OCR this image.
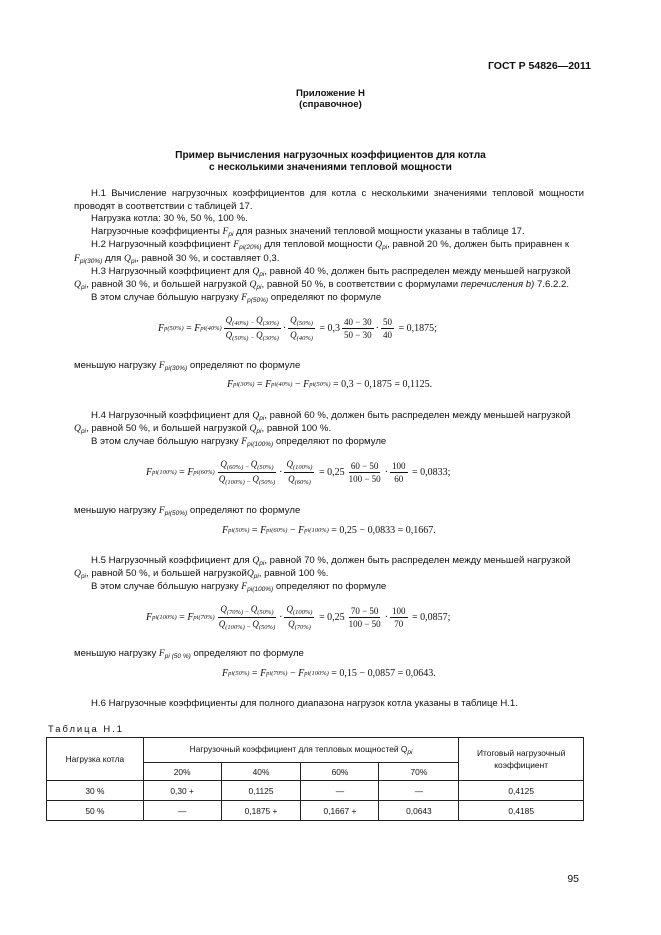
ГОСТ Р 54826—2011
Приложение Н
(справочное)
Пример вычисления нагрузочных коэффициентов для котла
с несколькими значениями тепловой мощности
Н.1 Вычисление нагрузочных коэффициентов для котла с несколькими значениями тепловой мощности проводят в соответствии с таблицей 17.
Нагрузка котла: 30 %, 50 %, 100 %.
Нагрузочные коэффициенты $F_{pi}$ для разных значений тепловой мощности указаны в таблице 17.
Н.2 Нагрузочный коэффициент $F_{pi(20\%)}$ для тепловой мощности $Q_{pi}$, равной 20 %, должен быть приравнен к
$F_{pi(30\%)}$ для $Q_{pi}$, равной 30 %, и составляет 0,3.
Н.3 Нагрузочный коэффициент для $Q_{pi}$, равной 40 %, должен быть распределен между меньшей нагрузкой
$Q_{pi}$, равной 30 %, и большей нагрузкой $Q_{pi}$, равной 50 %, в соответствии с формулами перечисления b) 7.6.2.2.
В этом случае бóльшую нагрузку $F_{p(50\%)}$ определяют по формуле
F p(50%) = F $pi(40\%) \frac{Q_{(40\%) -} Q_{(30\%)}}{Q_{(50\%) -} Q_{(30\%)}} \cdot \frac{Q_{(50\%)}}{Q_{(40\%)}} = 0,3 \frac{40 - 30}{50 - 30} \cdot \frac{50}{40} = 0,1875$;
меньшую нагрузку $F_{pi(30\%)}$ определяют по формуле
F pi(30%) = F pi(40%) − F pi(50%)
= 0,3 − 0,1875 = 0,1125.
Н.4 Нагрузочный коэффициент для $Q_{pi}$, равной 60 %, должен быть распределен между меньшей нагрузкой
$Q_{pi}$, равной 50 %, и большей нагрузкой $Q_{pi}$, равной 100 %.
В этом случае бóльшую нагрузку $F_{pi(100\%)}$ определяют по формуле
F pi(100%) = F $pi(60\%) \frac{Q_{(60\%) -} Q_{(50\%)}}{Q_{(100\%) -} Q_{(50\%)}} \cdot \frac{Q_{(100\%)}}{Q_{(60\%)}} = 0,25 \frac{60 - 50}{100 - 50} \cdot \frac{100}{60} = 0,0833$;
меньшую нагрузку $F_{pi(50\%)}$ определяют по формуле
F pi(50%) = F pi(60%) − F pi(100%)
= 0,25 − 0,0833 = 0,1667.
Н.5 Нагрузочный коэффициент для $Q_{pi}$, равной 70 %, должен быть распределен между меньшей нагрузкой
$Q_{pi}$, равной 50 %, и большей нагрузкойQ$_{pi}$, равной 100 %.
В этом случае бóльшую нагрузку $F_{pi(100\%)}$ определяют по формуле
F pi(100%) = F $pi(70\%) \frac{Q_{(70\%) -} Q_{(50\%)}}{Q_{(100\%) -} Q_{(50\%)}} \cdot \frac{Q_{(100\%)}}{Q_{(70\%)}} = 0,25 \frac{70 - 50}{100 - 50} \cdot \frac{100}{70} = 0,0857$;
меньшую нагрузку $F_{pi (50 \%)}$ определяют по формуле
F pi(50%) = F pi(70%) − F pi(100%)
= 0,15 − 0,0857 = 0,0643.
Н.6 Нагрузочные коэффициенты для полного диапазона нагрузок котла указаны в таблице Н.1.
Таблица Н.1
Нагрузка котла	Нагрузочный коэффициент для тепловых мощностей $Q_{pi}$				Итоговый нагрузочный коэффициент
	20%	40%	60%	70%	
30 %	0,30 +	0,1125	—	—	0,4125
50 %	—	0,1875 +	0,1667 +	0,0643	0,4185
95
